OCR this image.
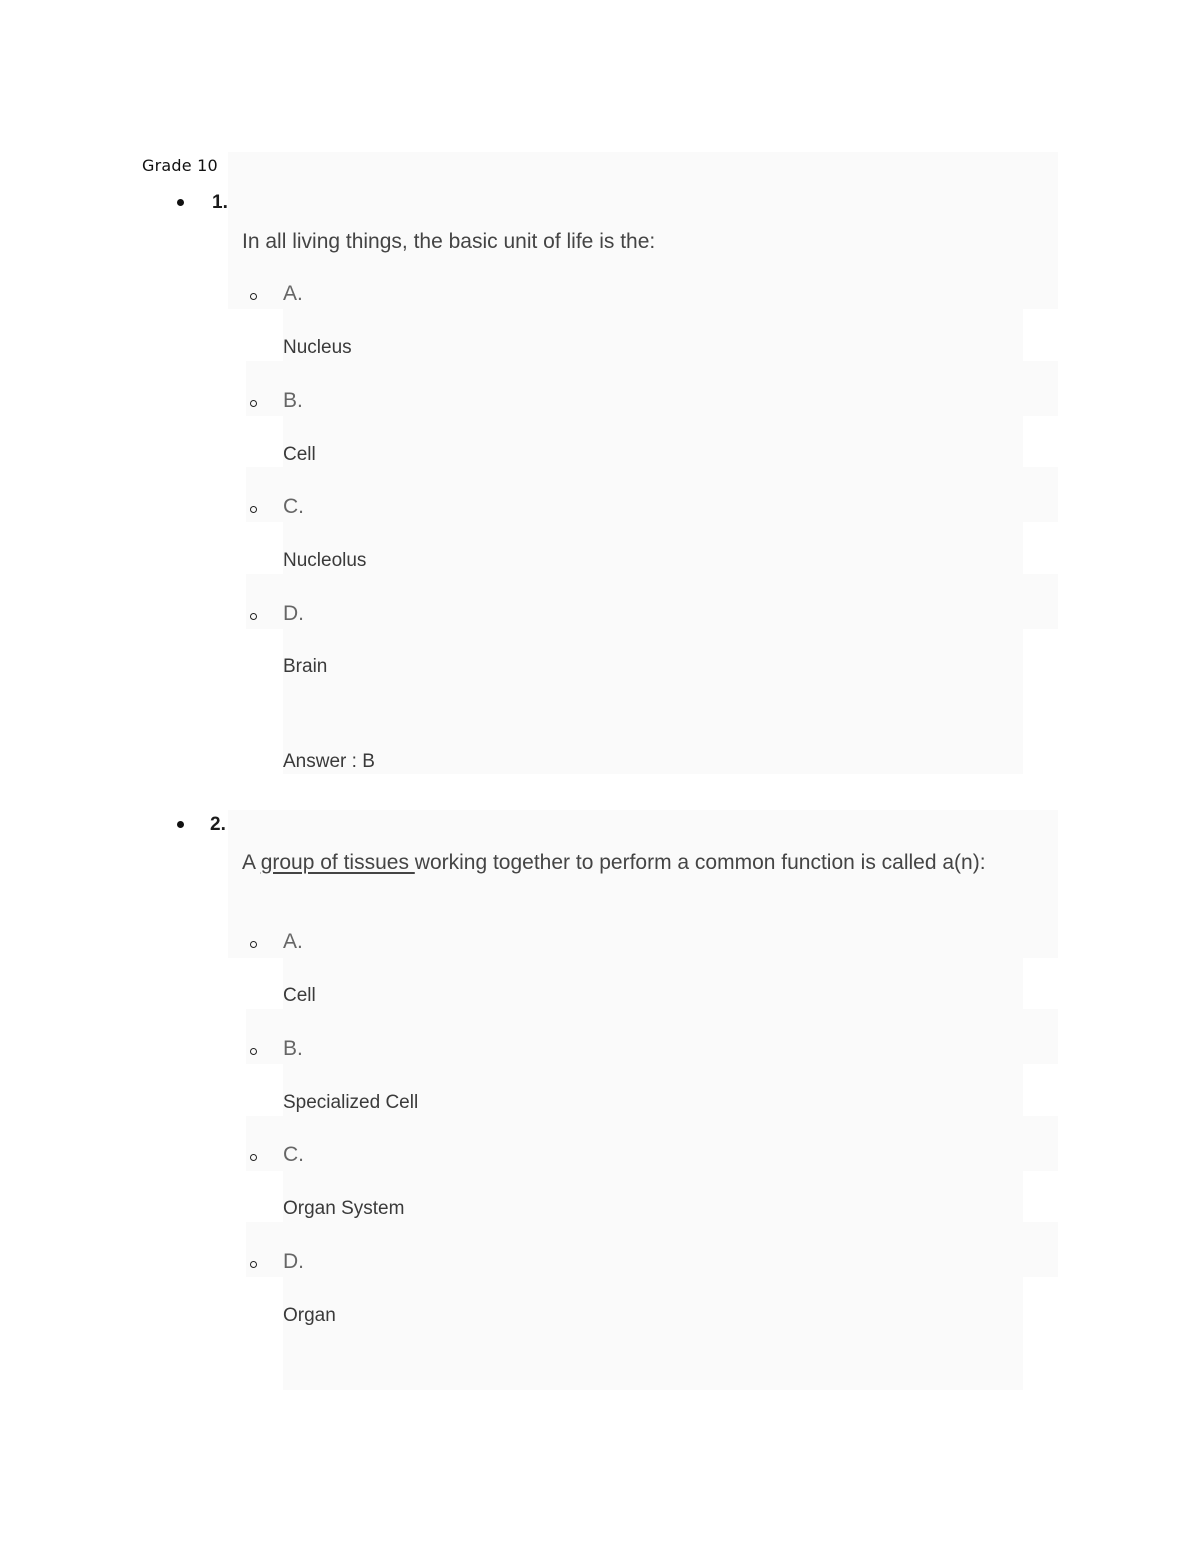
Grade 10
1.
In all living things, the basic unit of life is the:
A.
Nucleus
B.
Cell
C.
Nucleolus
D.
Brain
Answer : B
2.
A group of tissues working together to perform a common function is called a(n):
A.
Cell
B.
Specialized Cell
C.
Organ System
D.
Organ
